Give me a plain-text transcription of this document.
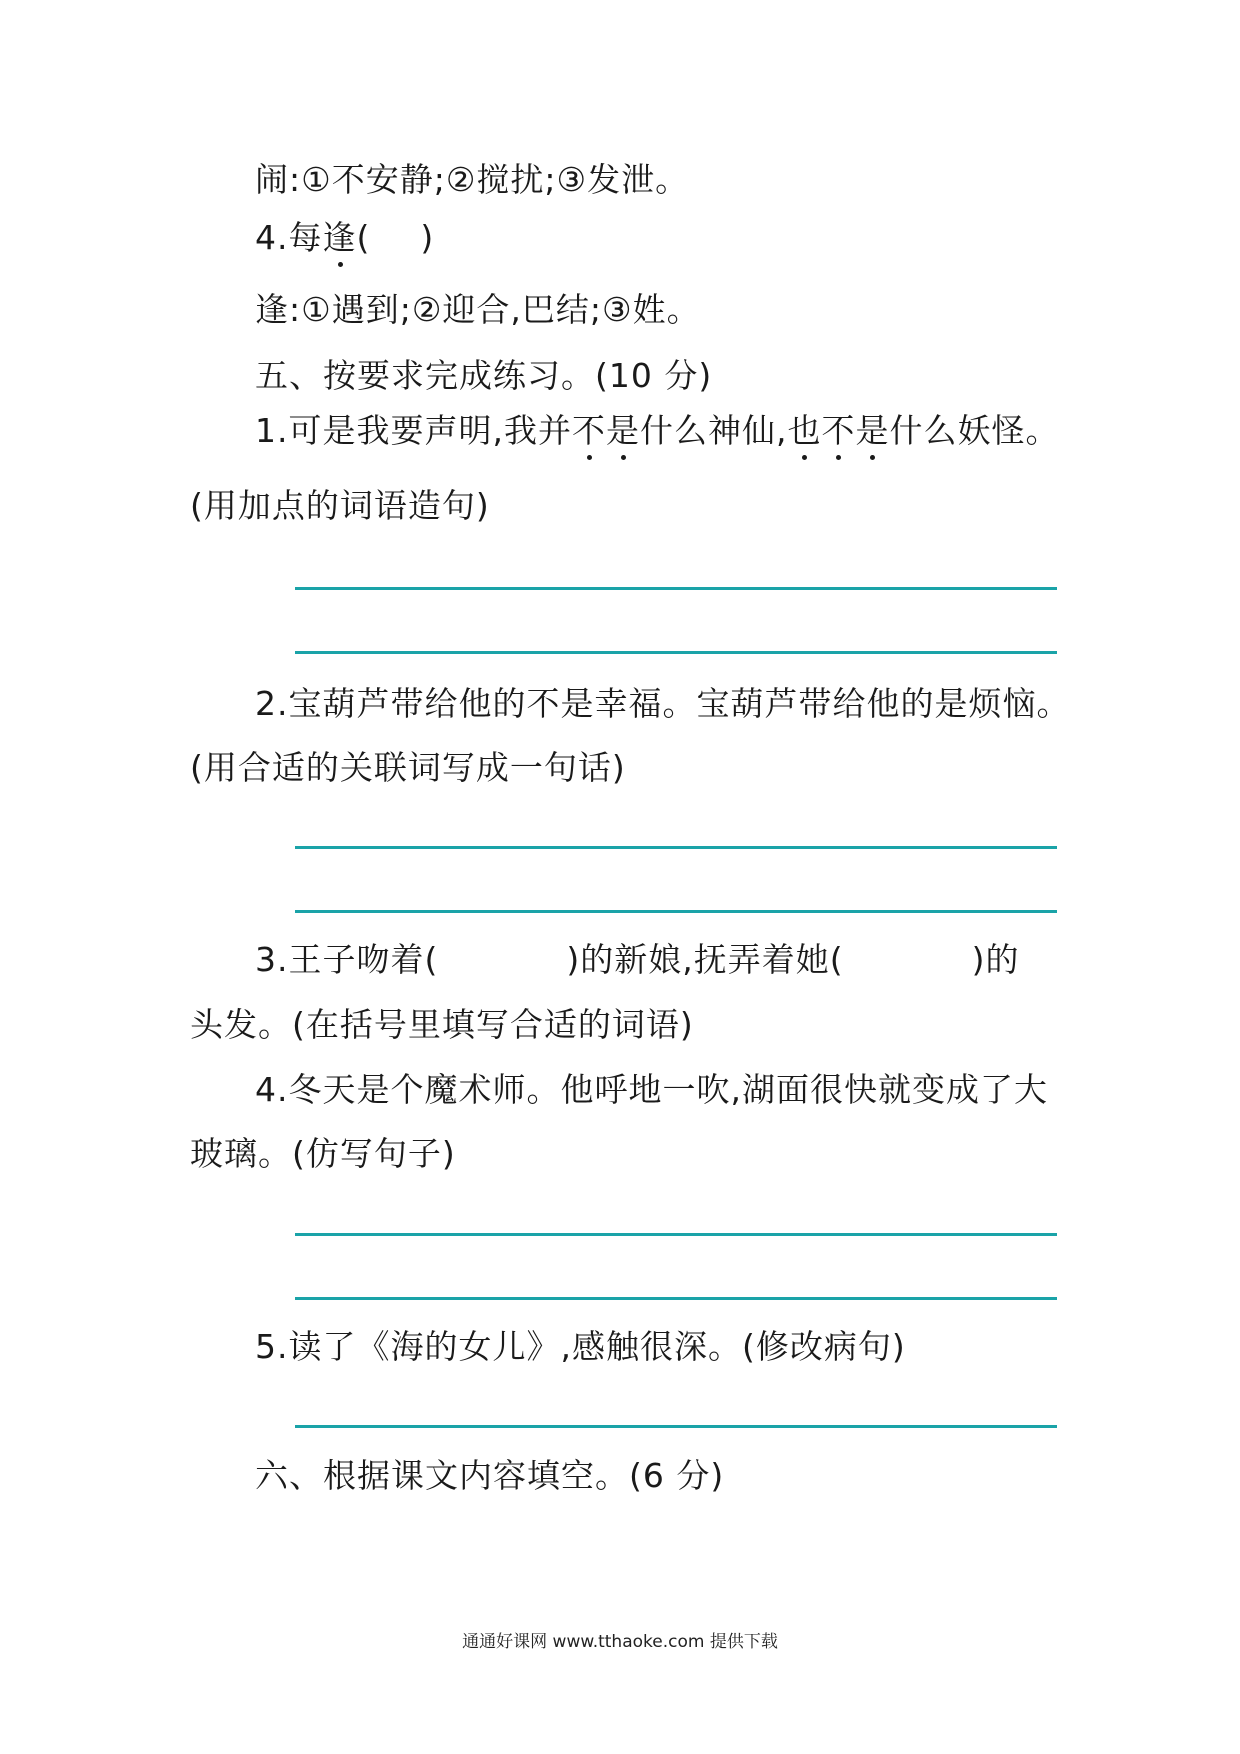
闹:①不安静;②搅扰;③发泄。
4.每逢( )
逢:①遇到;②迎合,巴结;③姓。
五、按要求完成练习。(10 分)
1.可是我要声明,我并不是什么神仙,也不是什么妖怪。
(用加点的词语造句)
2.宝葫芦带给他的不是幸福。宝葫芦带给他的是烦恼。
(用合适的关联词写成一句话)
3.王子吻着(	)的新娘,抚弄着她(	)的
头发。(在括号里填写合适的词语)
4.冬天是个魔术师。他呼地一吹,湖面很快就变成了大
玻璃。(仿写句子)
5.读了《海的女儿》,感触很深。(修改病句)
六、根据课文内容填空。(6 分)
通通好课网 www.tthaoke.com 提供下载
